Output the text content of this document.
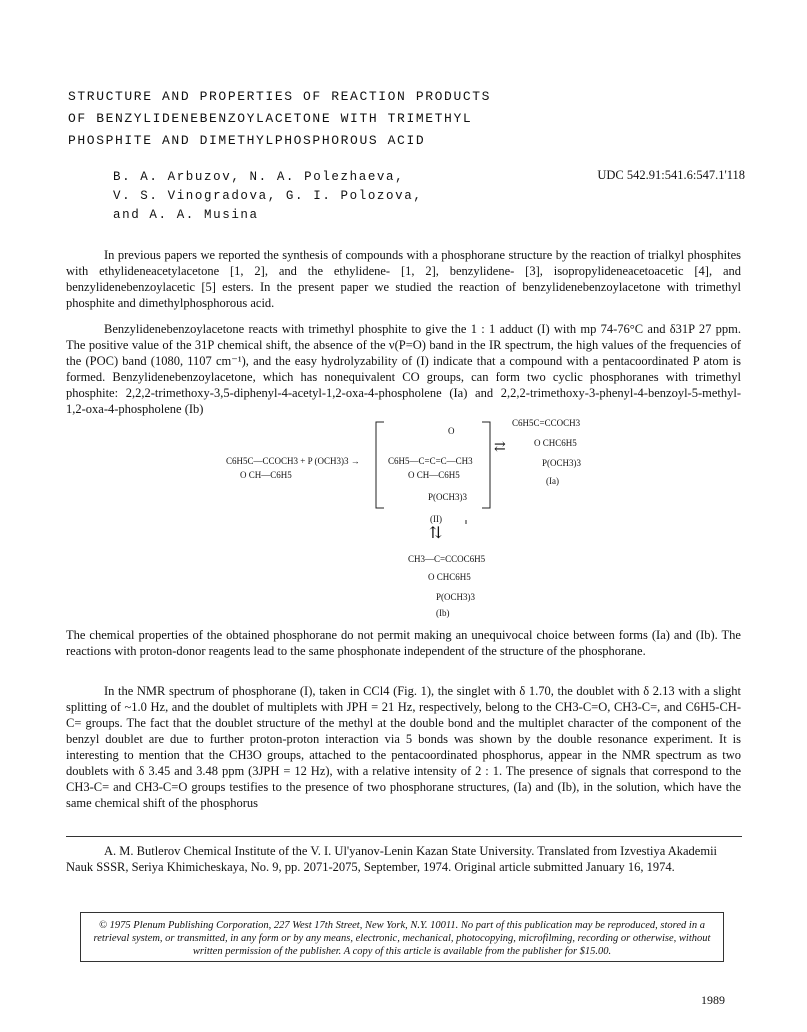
STRUCTURE AND PROPERTIES OF REACTION PRODUCTS
OF BENZYLIDENEBENZOYLACETONE WITH TRIMETHYL
PHOSPHITE AND DIMETHYLPHOSPHOROUS ACID
B. A. Arbuzov, N. A. Polezhaeva,
V. S. Vinogradova, G. I. Polozova,
and A. A. Musina
UDC 542.91:541.6:547.1'118

In previous papers we reported the synthesis of compounds with a phosphorane structure by the reaction of trialkyl phosphites with ethylideneacetylacetone [1, 2], and the ethylidene- [1, 2], benzylidene- [3], isopropylideneacetoacetic [4], and benzylidenebenzoylacetic [5] esters. In the present paper we studied the reaction of benzylidenebenzoylacetone with trimethyl phosphite and dimethylphosphorous acid.

Benzylidenebenzoylacetone reacts with trimethyl phosphite to give the 1 : 1 adduct (I) with mp 74-76°C and δ31P 27 ppm. The positive value of the 31P chemical shift, the absence of the ν(P=O) band in the IR spectrum, the high values of the frequencies of the (POC) band (1080, 1107 cm⁻¹), and the easy hydrolyzability of (I) indicate that a compound with a pentacoordinated P atom is formed. Benzylidenebenzoylacetone, which has nonequivalent CO groups, can form two cyclic phosphoranes with trimethyl phosphite: 2,2,2-trimethoxy-3,5-diphenyl-4-acetyl-1,2-oxa-4-phospholene (Ia) and 2,2,2-trimethoxy-3-phenyl-4-benzoyl-5-methyl-1,2-oxa-4-phospholene (Ib)

C6H5C—CCOCH3 + P (OCH3)3 →
O CH—C6H5
O
C6H5—C=C=C—CH3
O CH—C6H5
P(OCH3)3
(II)
⇄
C6H5C=CCOCH3
O CHC6H5
P(OCH3)3
(Ia)
⇅
CH3—C=CCOC6H5
O CHC6H5
P(OCH3)3
(Ib)

The chemical properties of the obtained phosphorane do not permit making an unequivocal choice between forms (Ia) and (Ib). The reactions with proton-donor reagents lead to the same phosphonate independent of the structure of the phosphorane.

In the NMR spectrum of phosphorane (I), taken in CCl4 (Fig. 1), the singlet with δ 1.70, the doublet with δ 2.13 with a slight splitting of ~1.0 Hz, and the doublet of multiplets with JPH = 21 Hz, respectively, belong to the CH3-C=O, CH3-C=, and C6H5-CH-C= groups. The fact that the doublet structure of the methyl at the double bond and the multiplet character of the component of the benzyl doublet are due to further proton-proton interaction via 5 bonds was shown by the double resonance experiment. It is interesting to mention that the CH3O groups, attached to the pentacoordinated phosphorus, appear in the NMR spectrum as two doublets with δ 3.45 and 3.48 ppm (3JPH = 12 Hz), with a relative intensity of 2 : 1. The presence of signals that correspond to the CH3-C= and CH3-C=O groups testifies to the presence of two phosphorane structures, (Ia) and (Ib), in the solution, which have the same chemical shift of the phosphorus

A. M. Butlerov Chemical Institute of the V. I. Ul'yanov-Lenin Kazan State University. Translated from Izvestiya Akademii Nauk SSSR, Seriya Khimicheskaya, No. 9, pp. 2071-2075, September, 1974. Original article submitted January 16, 1974.

© 1975 Plenum Publishing Corporation, 227 West 17th Street, New York, N.Y. 10011. No part of this publication may be reproduced, stored in a retrieval system, or transmitted, in any form or by any means, electronic, mechanical, photocopying, microfilming, recording or otherwise, without written permission of the publisher. A copy of this article is available from the publisher for $15.00.
1989
